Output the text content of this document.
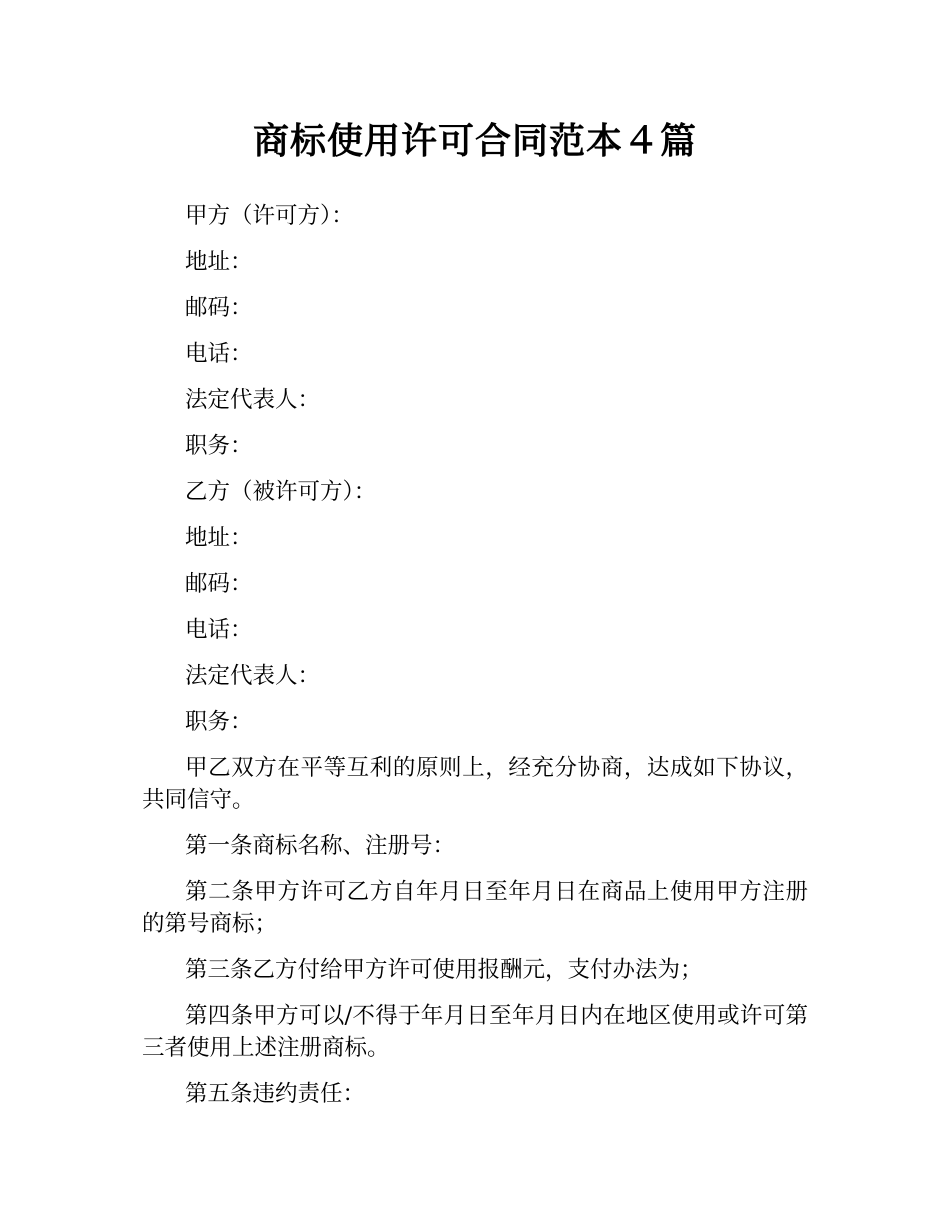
商标使用许可合同范本４篇

甲方（许可方）：

地址：

邮码：

电话：

法定代表人：

职务：

乙方（被许可方）：

地址：

邮码：

电话：

法定代表人：

职务：

甲乙双方在平等互利的原则上，经充分协商，达成如下协议，共同信守。

第一条商标名称、注册号：

第二条甲方许可乙方自年月日至年月日在商品上使用甲方注册的第号商标；

第三条乙方付给甲方许可使用报酬元，支付办法为；

第四条甲方可以/不得于年月日至年月日内在地区使用或许可第三者使用上述注册商标。

第五条违约责任：
